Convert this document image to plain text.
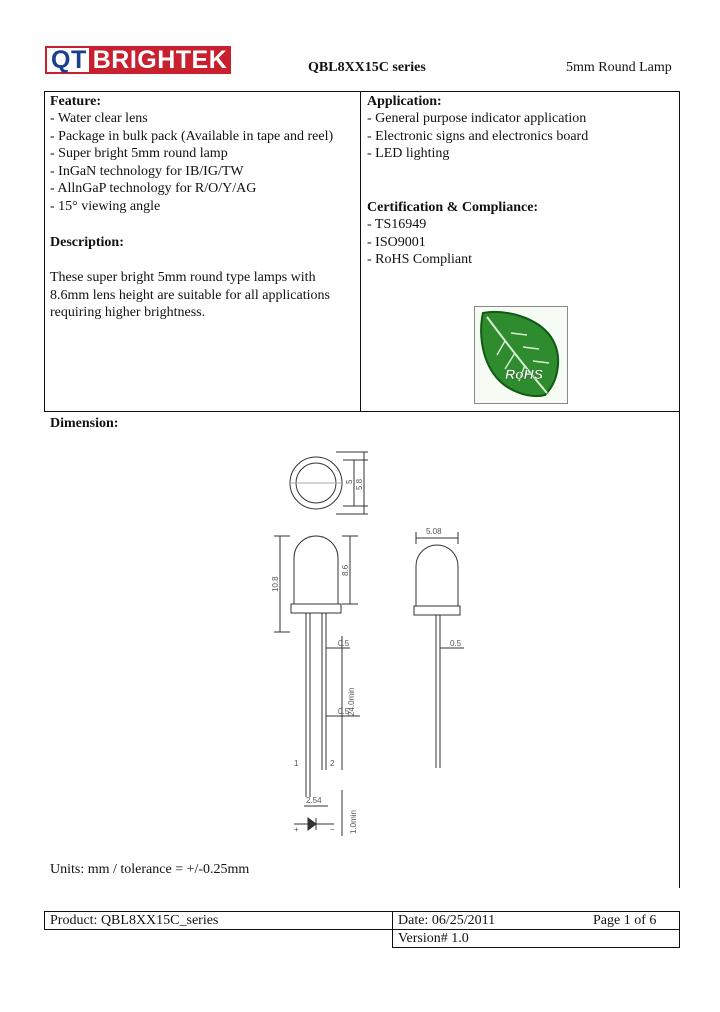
QT BRIGHTEK	QBL8XX15C series	5mm Round Lamp
Feature:
- Water clear lens
- Package in bulk pack (Available in tape and reel)
- Super bright 5mm round lamp
- InGaN technology for IB/IG/TW
- AllnGaP technology for R/O/Y/AG
- 15° viewing angle
Description:
These super bright 5mm round type lamps with
8.6mm lens height are suitable for all applications
requiring higher brightness.
Application:
- General purpose indicator application
- Electronic signs and electronics board
- LED lighting
Certification & Compliance:
- TS16949
- ISO9001
- RoHS Compliant
RoHS
Dimension:
5 5.8
8.6
10.8
0.5
0.5
24.0min
2.54
1.0min
1	2
+	−
5.08
0.5
Units: mm / tolerance = +/-0.25mm
Product: QBL8XX15C_series	Date: 06/25/2011	Page 1 of 6
Version# 1.0
